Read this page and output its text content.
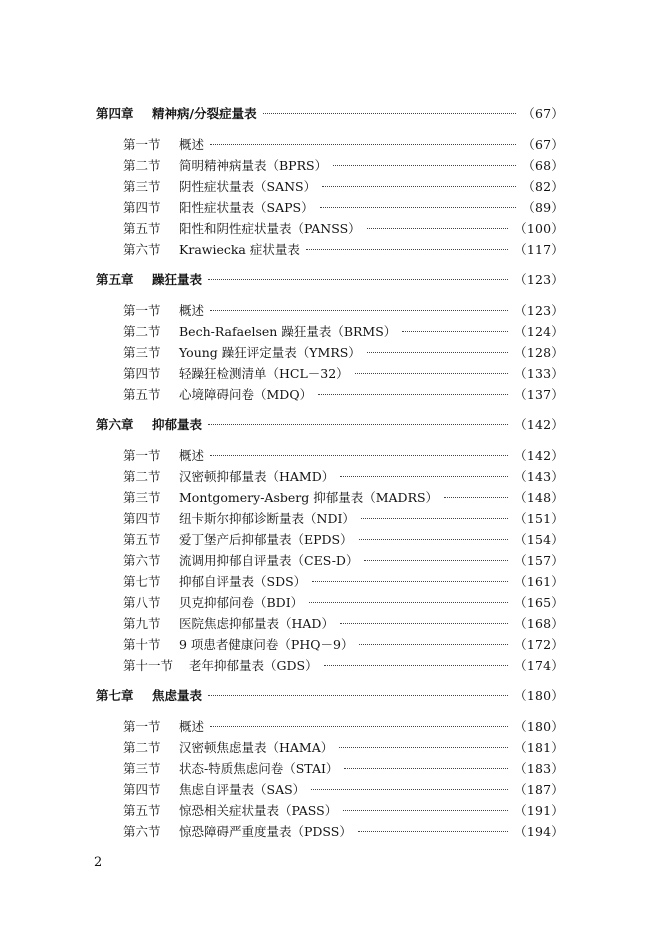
第四章	精神病/分裂症量表	（67）
第一节	概述	（67）
第二节	简明精神病量表（BPRS）	（68）
第三节	阴性症状量表（SANS）	（82）
第四节	阳性症状量表（SAPS）	（89）
第五节	阳性和阴性症状量表（PANSS）	（100）
第六节	Krawiecka 症状量表	（117）
第五章	躁狂量表	（123）
第一节	概述	（123）
第二节	Bech-Rafaelsen 躁狂量表（BRMS）	（124）
第三节	Young 躁狂评定量表（YMRS）	（128）
第四节	轻躁狂检测清单（HCL－32）	（133）
第五节	心境障碍问卷（MDQ）	（137）
第六章	抑郁量表	（142）
第一节	概述	（142）
第二节	汉密顿抑郁量表（HAMD）	（143）
第三节	Montgomery-Asberg 抑郁量表（MADRS）	（148）
第四节	纽卡斯尔抑郁诊断量表（NDI）	（151）
第五节	爱丁堡产后抑郁量表（EPDS）	（154）
第六节	流调用抑郁自评量表（CES-D）	（157）
第七节	抑郁自评量表（SDS）	（161）
第八节	贝克抑郁问卷（BDI）	（165）
第九节	医院焦虑抑郁量表（HAD）	（168）
第十节	9 项患者健康问卷（PHQ－9）	（172）
第十一节	老年抑郁量表（GDS）	（174）
第七章	焦虑量表	（180）
第一节	概述	（180）
第二节	汉密顿焦虑量表（HAMA）	（181）
第三节	状态-特质焦虑问卷（STAI）	（183）
第四节	焦虑自评量表（SAS）	（187）
第五节	惊恐相关症状量表（PASS）	（191）
第六节	惊恐障碍严重度量表（PDSS）	（194）
2
